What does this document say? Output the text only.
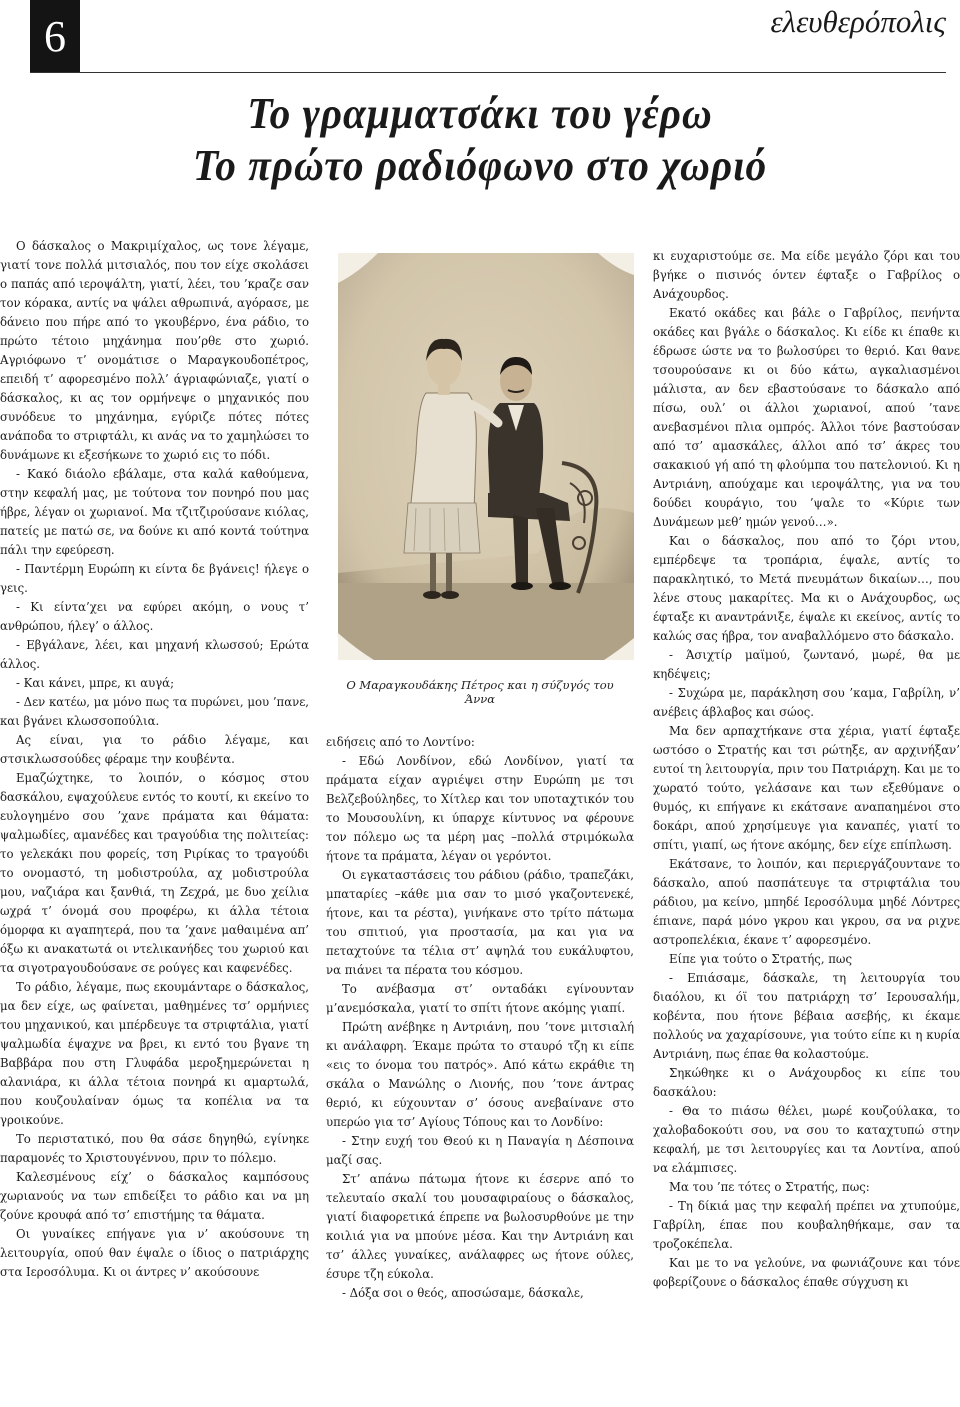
6	ελευθερόπολις
Το γραμματσάκι του γέρω
Το πρώτο ραδιόφωνο στο χωριό

Ο δάσκαλος ο Μακριμίχαλος, ως τονε λέγαμε, γιατί τονε πολλά μιτσιαλός, που τον είχε σκολάσει ο παπάς από ιεροψάλτη, γιατί, λέει, του ’κραζε σαν τον κόρακα, αντίς να ψάλει αθρωπινά, αγόρασε, με δάνειο που πήρε από το γκουβέρνο, ένα ράδιο, το πρώτο τέτοιο μηχάνημα που’ρθε στο χωριό. Αγριόφωνο τ’ ονομάτισε ο Μαραγκουδοπέτρος, επειδή τ’ αφορεσμένο πολλ’ άγριαφώνιαζε, γιατί ο δάσκαλος, κι ας τον ορμήνεψε ο μηχανικός που συνόδευε το μηχάνημα, εγύριζε πότες πότες ανάποδα το στριφτάλι, κι ανάς να το χαμηλώσει το δυνάμωνε κι εξεσήκωνε το χωριό εις το πόδι.

- Κακό διάολο εβάλαμε, στα καλά καθούμενα, στην κεφαλή μας, με τούτονα τον πονηρό που μας ήβρε, λέγαν οι χωριανοί. Μα τζιτζιρούσανε κιόλας, πατείς με πατώ σε, να δούνε κι από κοντά τούτηνα πάλι την εφεύρεση.

- Παντέρμη Ευρώπη κι είντα δε βγάνεις! ήλεγε ο γεις.

- Κι είντα’χει να εφύρει ακόμη, ο νους τ’ ανθρώπου, ήλεγ’ ο άλλος.

- Εβγάλανε, λέει, και μηχανή κλωσσού; Ερώτα άλλος.

- Και κάνει, μπρε, κι αυγά;

- Δεν κατέω, μα μόνο πως τα πυρώνει, μου ’πανε, και βγάνει κλωσσοπούλια.

Ας είναι, για το ράδιο λέγαμε, και στσικλωσσούδες φέραμε την κουβέντα.

Εμαζώχτηκε, το λοιπόν, ο κόσμος στου δασκάλου, εψαχούλευε εντός το κουτί, κι εκείνο το ευλογημένο σου ’χανε πράματα και θάματα: ψαλμωδίες, αμανέδες και τραγούδια της πολιτείας: το γελεκάκι που φορείς, τση Ριρίκας το τραγούδι το ονομαστό, τη μοδιστρούλα, αχ μοδιστρούλα μου, ναζιάρα και ξανθιά, τη Ζεχρά, με δυο χείλια ωχρά τ’ όνομά σου προφέρω, κι άλλα τέτοια όμορφα κι αγαπητερά, που τα ’χανε μαθαιμένα απ’ όξω κι ανακατωτά οι ντελικανήδες του χωριού και τα σιγοτραγουδούσανε σε ρούγες και καφενέδες.

Το ράδιο, λέγαμε, πως εκουμάνταρε ο δάσκαλος, μα δεν είχε, ως φαίνεται, μαθημένες τσ’ ορμήνιες του μηχανικού, και μπέρδευγε τα στριφτάλια, γιατί ψαλμωδία έψαχνε να βρει, κι εντό του βγανε τη Βαββάρα που στη Γλυφάδα μεροξημερώνεται η αλανιάρα, κι άλλα τέτοια πονηρά κι αμαρτωλά, που κουζουλαίναν όμως τα κοπέλια να τα γροικούνε.

Το περιστατικό, που θα σάσε δηγηθώ, εγίνηκε παραμονές το Χριστουγέννου, πριν το πόλεμο.

Καλεσμένους είχ’ ο δάσκαλος καμπόσους χωριανούς να των επιδείξει το ράδιο και να μη ζούνε κρουφά από τσ’ επιστήμης τα θάματα.

Οι γυναίκες επήγανε για ν’ ακούσουνε τη λειτουργία, οπού θαν έψαλε ο ίδιος ο πατριάρχης στα Ιεροσόλυμα. Κι οι άντρες ν’ ακούσουνε

Ο Μαραγκουδάκης Πέτρος και η σύζυγός του Άννα

ειδήσεις από το Λοντίνο:

- Εδώ Λονδίνον, εδώ Λονδίνον, γιατί τα πράματα είχαν αγριέψει στην Ευρώπη με τσι Βελζεβούληδες, το Χίτλερ και τον υποταχτικόν του το Μουσουλίνη, κι ύπαρχε κίντυνος να φέρουνε τον πόλεμο ως τα μέρη μας –πολλά στριμόκωλα ήτονε τα πράματα, λέγαν οι γερόντοι.

Οι εγκαταστάσεις του ράδιου (ράδιο, τραπεζάκι, μπαταρίες –κάθε μια σαν το μισό γκαζοντενεκέ, ήτονε, και τα ρέστα), γινήκανε στο τρίτο πάτωμα του σπιτιού, για προστασία, μα και για να πεταχτούνε τα τέλια στ’ αψηλά του ευκάλυφτου, να πιάνει τα πέρατα του κόσμου.

Το ανέβασμα στ’ ονταδάκι εγίνουνταν μ’ανεμόσκαλα, γιατί το σπίτι ήτονε ακόμης γιαπί.

Πρώτη ανέβηκε η Αντριάνη, που ’τονε μιτσιαλή κι ανάλαφρη. Έκαμε πρώτα το σταυρό τζη κι είπε «εις το όνομα του πατρός». Από κάτω εκράθιε τη σκάλα ο Μανώλης ο Λιονής, που ’τονε άντρας θεριό, κι εύχουνταν σ’ όσους ανεβαίνανε στο υπερώο για τσ’ Αγίους Τόπους και το Λονδίνο:

- Στην ευχή του Θεού κι η Παναγία η Δέσποινα μαζί σας.

Στ’ απάνω πάτωμα ήτονε κι έσερνε από το τελευταίο σκαλί του μουσαφιραίους ο δάσκαλος, γιατί διαφορετικά έπρεπε να βωλοσυρθούνε με την κοιλιά για να μπούνε μέσα. Και την Αντριάνη και τσ’ άλλες γυναίκες, ανάλαφρες ως ήτονε ούλες, έσυρε τζη εύκολα.

- Δόξα σοι ο θεός, αποσώσαμε, δάσκαλε,

κι ευχαριστούμε σε. Μα είδε μεγάλο ζόρι και του βγήκε ο πισινός όντεν έφταξε ο Γαβρίλος ο Ανάχουρδος.

Εκατό οκάδες και βάλε ο Γαβρίλος, πενήντα οκάδες και βγάλε ο δάσκαλος. Κι είδε κι έπαθε κι έδρωσε ώστε να το βωλοσύρει το θεριό. Και θανε τσουρούσανε κι οι δύο κάτω, αγκαλιασμένοι μάλιστα, αν δεν εβαστούσανε το δάσκαλο από πίσω, ουλ’ οι άλλοι χωριανοί, απού ’τανε ανεβασμένοι πλια ομπρός. Άλλοι τόνε βαστούσαν από τσ’ αμασκάλες, άλλοι από τσ’ άκρες του σακακιού γή από τη φλούμπα του πατελονιού. Κι η Αντριάνη, απούχαμε και ιεροψάλτης, για να του δούδει κουράγιο, του ’ψαλε το «Κύριε των Δυνάμεων μεθ’ ημών γενού…».

Και ο δάσκαλος, που από το ζόρι ντου, εμπέρδεψε τα τροπάρια, έψαλε, αντίς το παρακλητικό, το Μετά πνευμάτων δικαίων…, που λένε στους μακαρίτες. Μα κι ο Ανάχουρδος, ως έφταξε κι αναντράνιξε, έψαλε κι εκείνος, αντίς το καλώς σας ήβρα, τον αναβαλλόμενο στο δάσκαλο.

- Άσιχτίρ μαϊμού, ζωντανό, μωρέ, θα με κηδέψεις;

- Συχώρα με, παράκληση σου ’καμα, Γαβρίλη, ν’ ανέβεις άβλαβος και σώος.

Μα δεν αρπαχτήκανε στα χέρια, γιατί έφταξε ωστόσο ο Στρατής και τσι ρώτηξε, αν αρχινήξαν’ ευτοί τη λειτουργία, πριν του Πατριάρχη. Και με το χωρατό τούτο, γελάσανε και των εξεθύμανε ο θυμός, κι επήγανε κι εκάτσανε αναπαημένοι στο δοκάρι, απού χρησίμευγε για καναπές, γιατί το σπίτι, γιαπί, ως ήτονε ακόμης, δεν είχε επίπλωση.

Εκάτσανε, το λοιπόν, και περιεργάζουντανε το δάσκαλο, απού πασπάτευγε τα στριφτάλια του ράδιου, μα κείνο, μπηδέ Ιεροσόλυμα μηδέ Λόντρες έπιανε, παρά μόνο γκρου και γκρου, σα να ριχνε αστροπελέκια, έκανε τ’ αφορεσμένο.

Είπε για τούτο ο Στρατής, πως

- Επιάσαμε, δάσκαλε, τη λειτουργία του διαόλου, κι όϊ του πατριάρχη τσ’ Ιερουσαλήμ, κοβέντα, που ήτονε βέβαια ασεβής, κι έκαμε πολλούς να χαχαρίσουνε, για τούτο είπε κι η κυρία Αντριάνη, πως έπαε θα κολαστούμε.

Σηκώθηκε κι ο Ανάχουρδος κι είπε του δασκάλου:

- Θα το πιάσω θέλει, μωρέ κουζούλακα, το χαλοβαδοκούτι σου, να σου το καταχτυπώ στην κεφαλή, με τσι λειτουργίες και τα Λοντίνα, απού να ελάμπισες.

Μα του ’πε τότες ο Στρατής, πως:

- Τη δίκιά μας την κεφαλή πρέπει να χτυπούμε, Γαβρίλη, έπαε που κουβαληθήκαμε, σαν τα τροζοκέπελα.

Και με το να γελούνε, να φωνιάζουνε και τόνε φοβερίζουνε ο δάσκαλος έπαθε σύγχυση κι
